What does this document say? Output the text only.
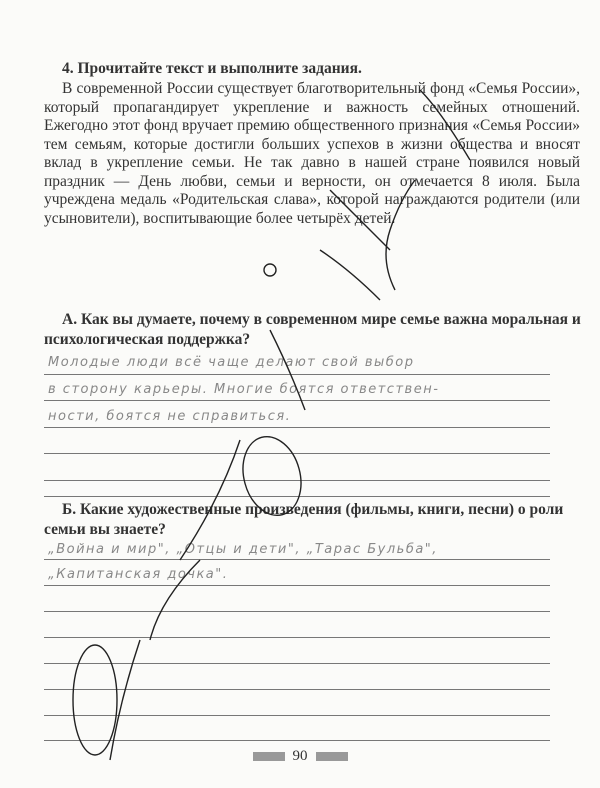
4. Прочитайте текст и выполните задания.

В современной России существует благотворительный фонд «Семья России», который пропагандирует укрепление и важность семейных отношений. Ежегодно этот фонд вручает премию общественного признания «Семья России» тем семьям, которые достигли больших успехов в жизни общества и вносят вклад в укрепление семьи. Не так давно в нашей стране появился новый праздник — День любви, семьи и верности, он отмечается 8 июля. Была учреждена медаль «Родительская слава», которой награждаются родители (или усыновители), воспитывающие более четырёх детей.

А. Как вы думаете, почему в современном мире семье важна моральная и психологическая поддержка?

Молодые люди всё чаще делают свой выбор
в сторону карьеры. Многие боятся ответствен-
ности, боятся не справиться.

Б. Какие художественные произведения (фильмы, книги, песни) о роли семьи вы знаете?

„Война и мир", „Отцы и дети", „Тарас Бульба",
„Капитанская дочка".
90
